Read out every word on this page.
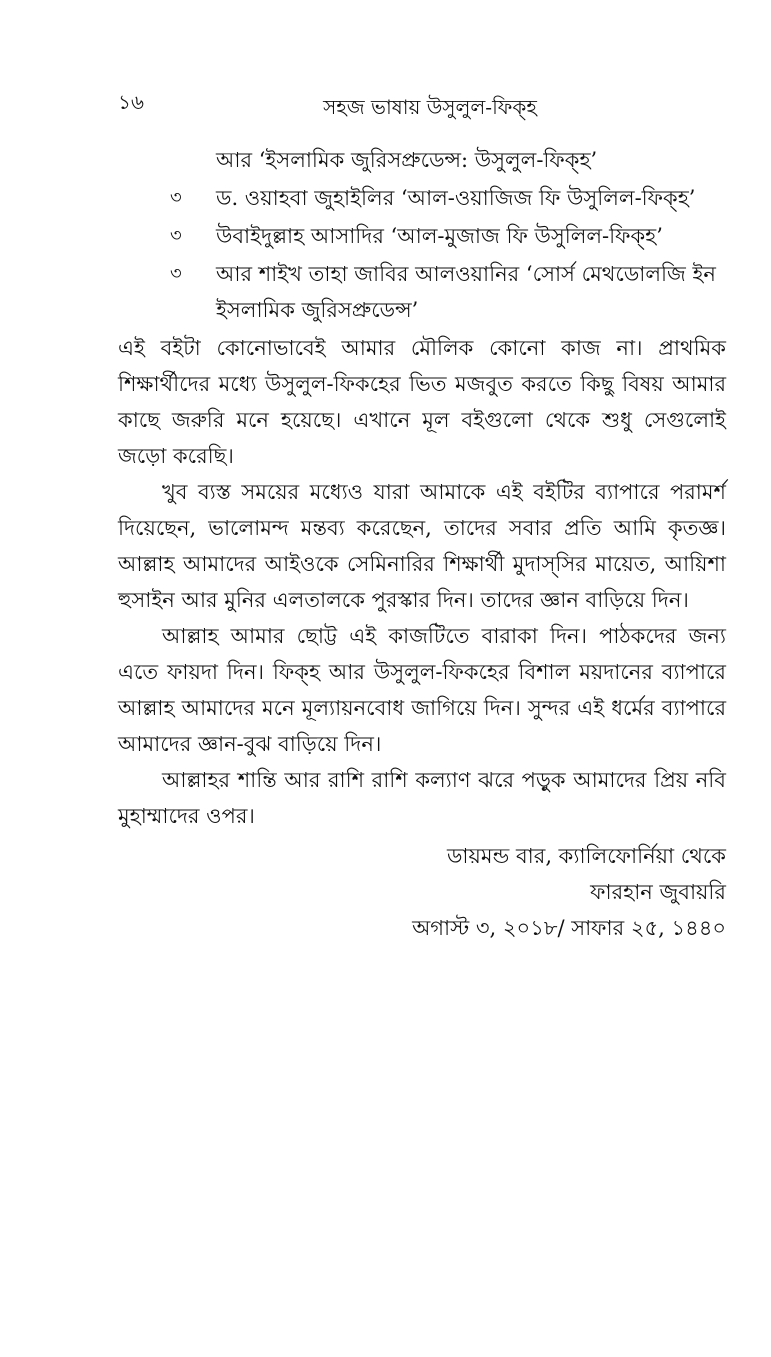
১৬	সহজ ভাষায় উসুলুল-ফিক্‌হ
আর ‘ইসলামিক জুরিসপ্রুডেন্স: উসুলুল-ফিক্‌হ’
৩	ড. ওয়াহবা জুহাইলির ‘আল-ওয়াজিজ ফি উসুলিল-ফিক্‌হ’
৩	উবাইদুল্লাহ আসাদির ‘আল-মুজাজ ফি উসুলিল-ফিক্‌হ’
৩	আর শাইখ তাহা জাবির আলওয়ানির ‘সোর্স মেথডোলজি ইন ইসলামিক জুরিসপ্রুডেন্স’

এই বইটা কোনোভাবেই আমার মৌলিক কোনো কাজ না। প্রাথমিক শিক্ষার্থীদের মধ্যে উসুলুল-ফিকহের ভিত মজবুত করতে কিছু বিষয় আমার কাছে জরুরি মনে হয়েছে। এখানে মূল বইগুলো থেকে শুধু সেগুলোই জড়ো করেছি।

খুব ব্যস্ত সময়ের মধ্যেও যারা আমাকে এই বইটির ব্যাপারে পরামর্শ দিয়েছেন, ভালোমন্দ মন্তব্য করেছেন, তাদের সবার প্রতি আমি কৃতজ্ঞ। আল্লাহ আমাদের আইওকে সেমিনারির শিক্ষার্থী মুদাস্‌সির মায়েত, আয়িশা হুসাইন আর মুনির এলতালকে পুরস্কার দিন। তাদের জ্ঞান বাড়িয়ে দিন।

আল্লাহ আমার ছোট্ট এই কাজটিতে বারাকা দিন। পাঠকদের জন্য এতে ফায়দা দিন। ফিক্‌হ আর উসুলুল-ফিকহের বিশাল ময়দানের ব্যাপারে আল্লাহ আমাদের মনে মূল্যায়নবোধ জাগিয়ে দিন। সুন্দর এই ধর্মের ব্যাপারে আমাদের জ্ঞান-বুঝ বাড়িয়ে দিন।

আল্লাহর শান্তি আর রাশি রাশি কল্যাণ ঝরে পড়ুক আমাদের প্রিয় নবি মুহাম্মাদের ওপর।

ডায়মন্ড বার, ক্যালিফোর্নিয়া থেকে
ফারহান জুবায়রি
অগাস্ট ৩, ২০১৮/ সাফার ২৫, ১৪৪০
